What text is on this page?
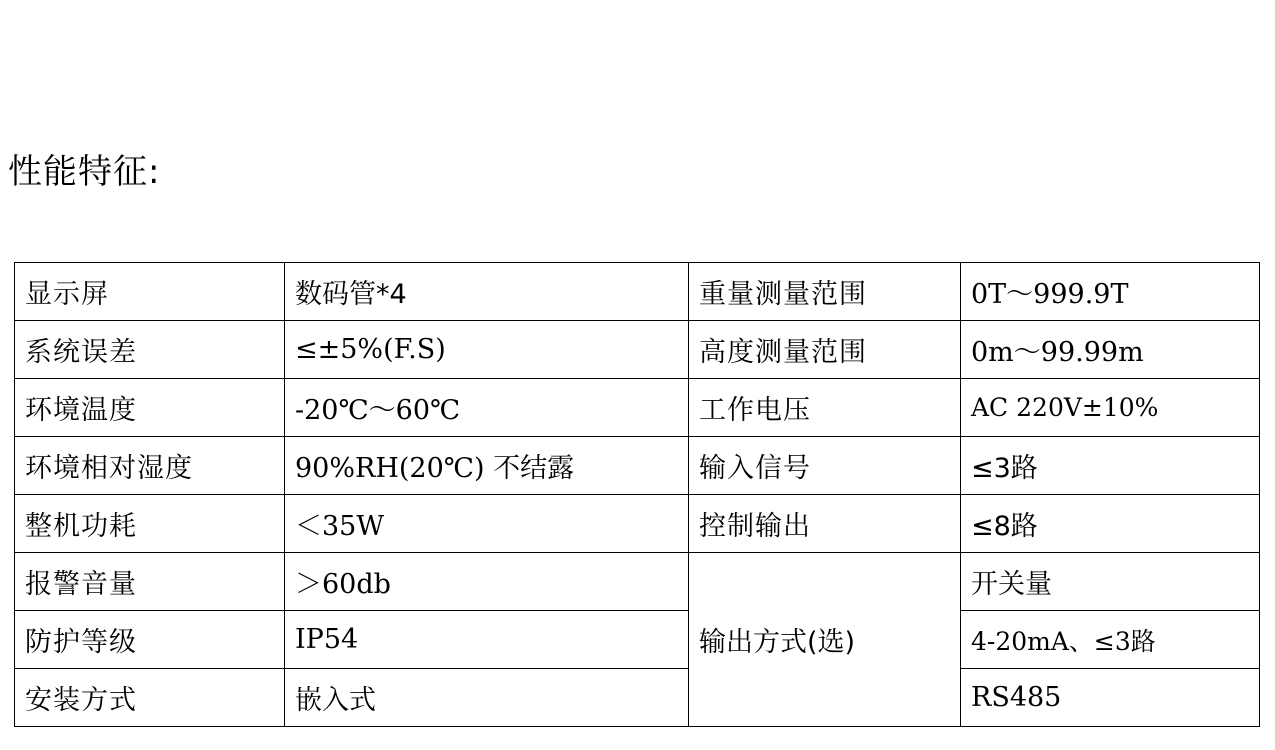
性能特征:
显示屏	数码管*4	重量测量范围	0T～999.9T
系统误差	≤±5%(F.S)	高度测量范围	0m～99.99m
环境温度	-20℃～60℃	工作电压	AC 220V±10%
环境相对湿度	90%RH(20℃) 不结露	输入信号	≤3路
整机功耗	＜35W	控制输出	≤8路
报警音量	＞60db	输出方式(选)	开关量
防护等级	IP54		4-20mA、≤3路
安装方式	嵌入式		RS485
